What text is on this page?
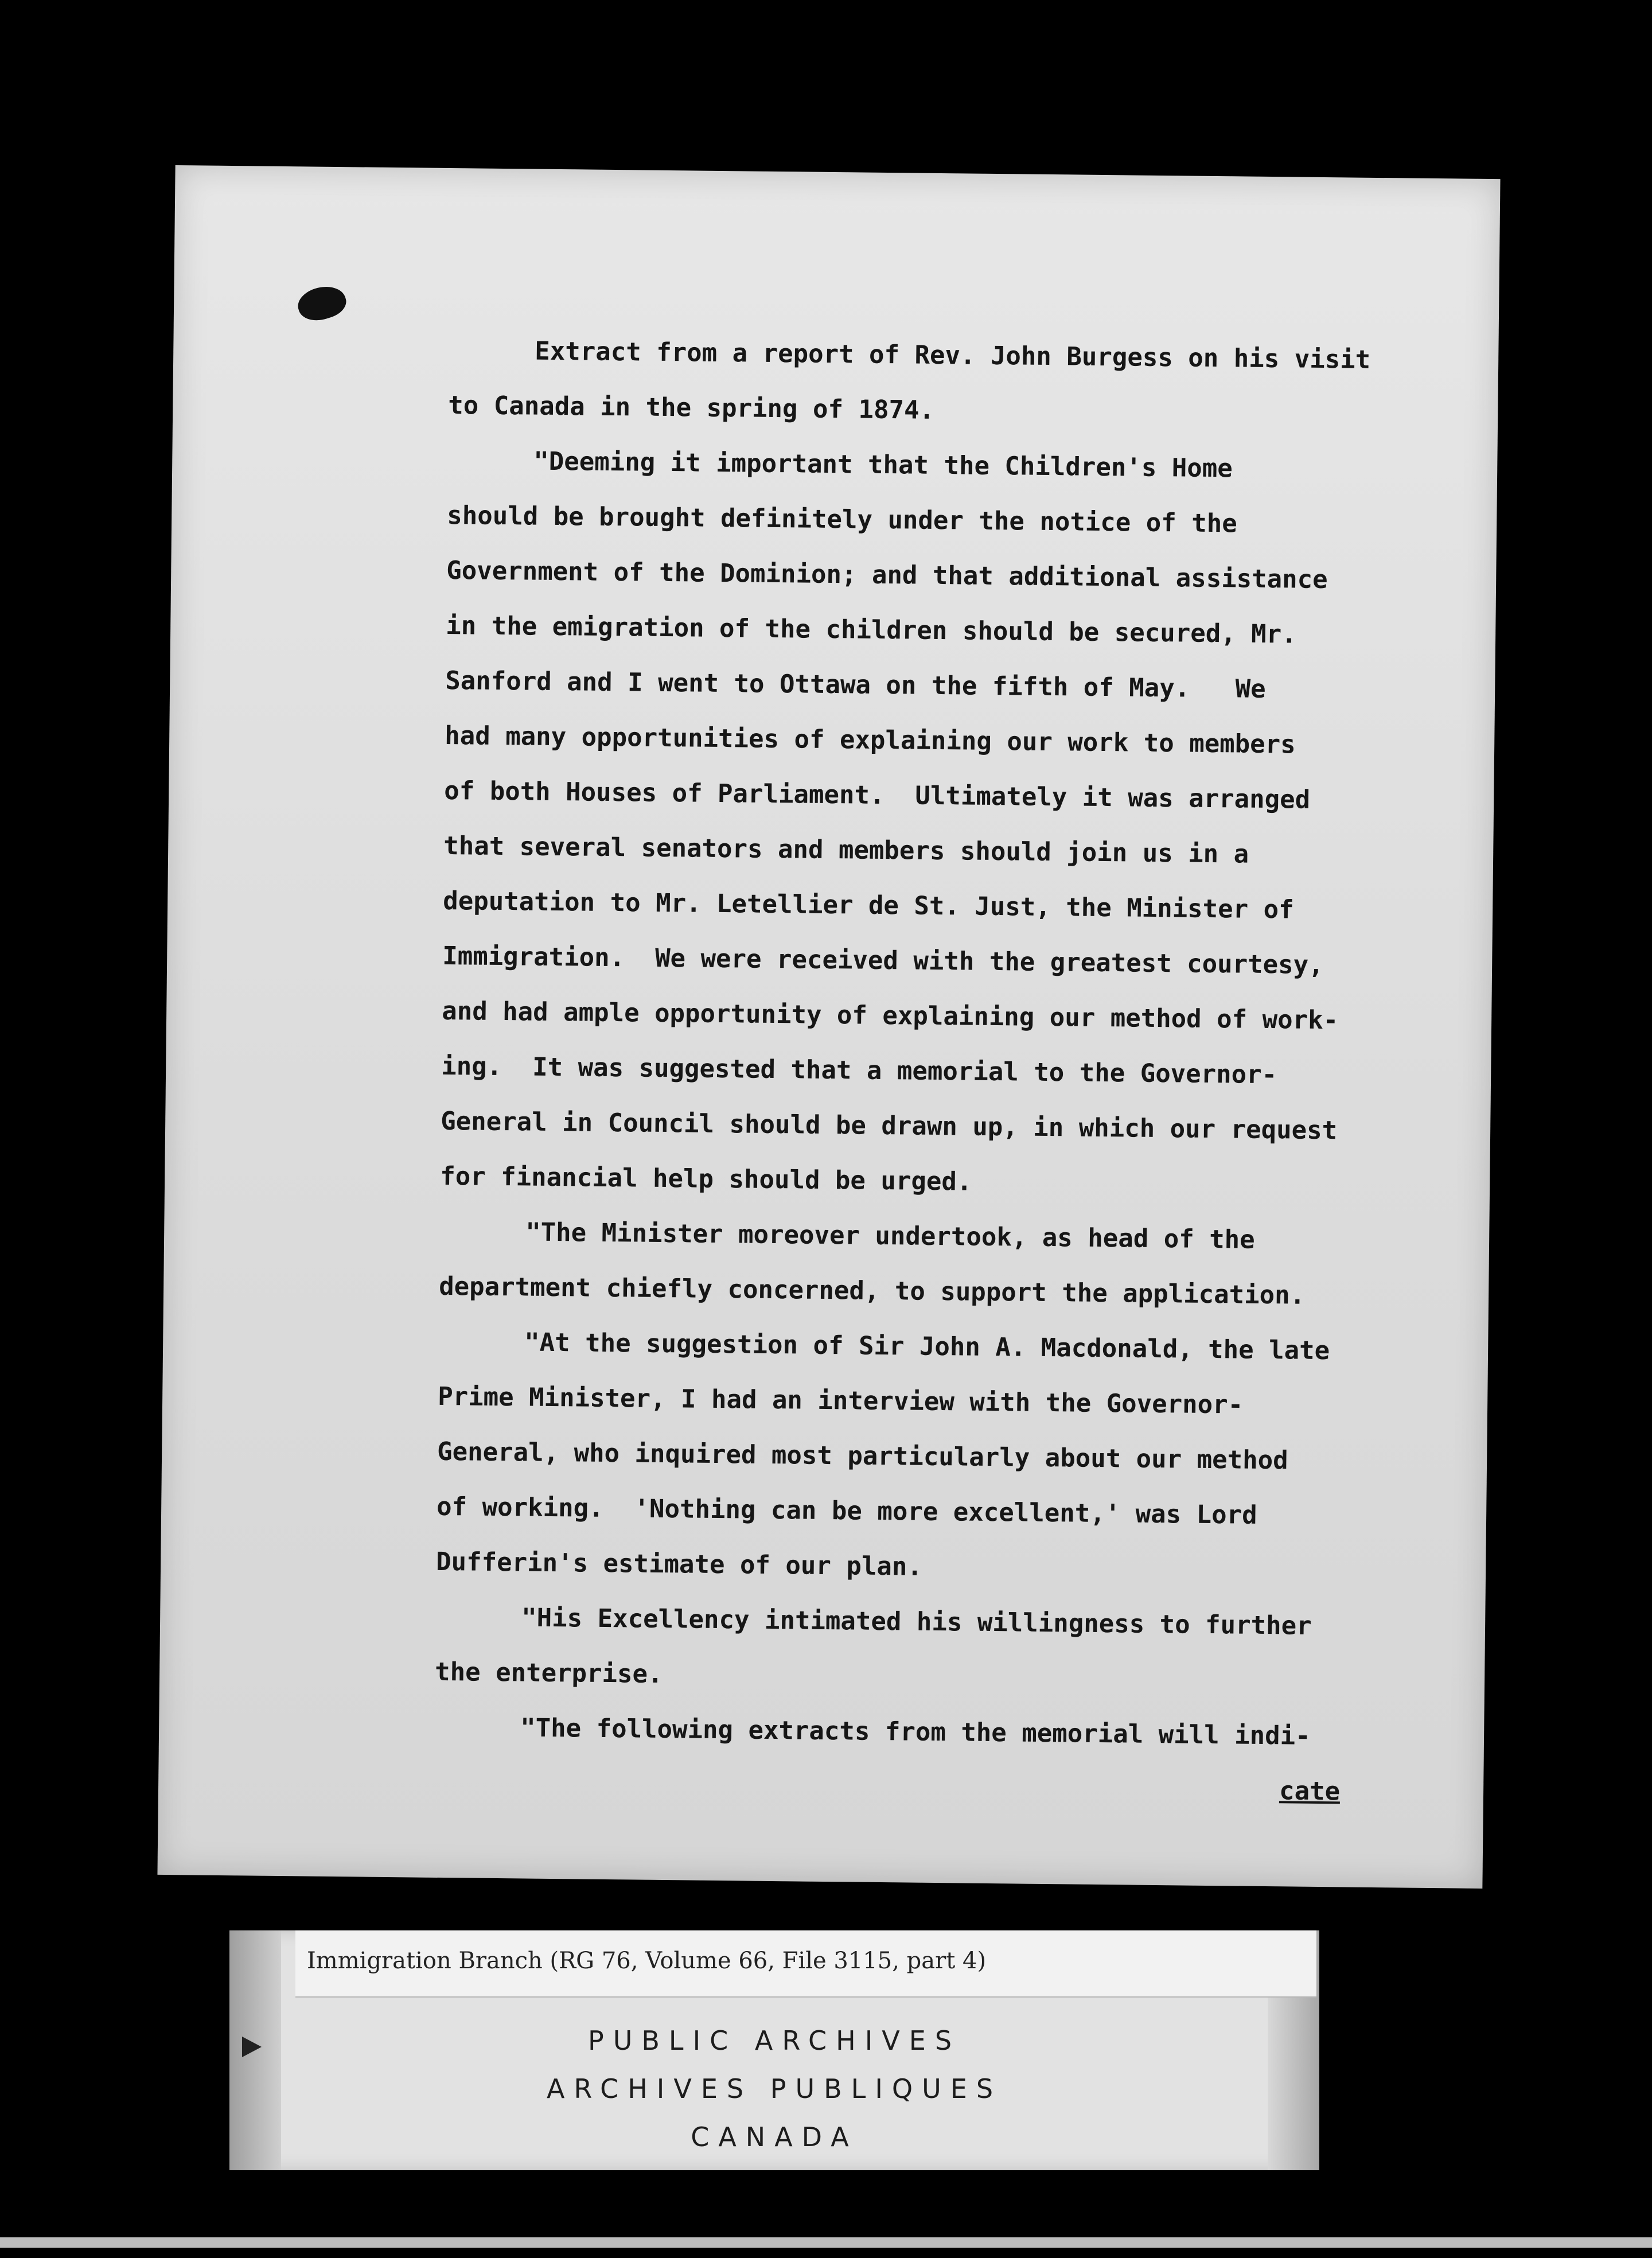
Extract from a report of Rev. John Burgess on his visit
to Canada in the spring of 1874.

"Deeming it important that the Children's Home
should be brought definitely under the notice of the
Government of the Dominion; and that additional assistance
in the emigration of the children should be secured, Mr.
Sanford and I went to Ottawa on the fifth of May.   We
had many opportunities of explaining our work to members
of both Houses of Parliament.  Ultimately it was arranged
that several senators and members should join us in a
deputation to Mr. Letellier de St. Just, the Minister of
Immigration.  We were received with the greatest courtesy,
and had ample opportunity of explaining our method of work-
ing.  It was suggested that a memorial to the Governor-
General in Council should be drawn up, in which our request
for financial help should be urged.

"The Minister moreover undertook, as head of the
department chiefly concerned, to support the application.

"At the suggestion of Sir John A. Macdonald, the late
Prime Minister, I had an interview with the Governor-
General, who inquired most particularly about our method
of working.  'Nothing can be more excellent,' was Lord
Dufferin's estimate of our plan.

"His Excellency intimated his willingness to further
the enterprise.

"The following extracts from the memorial will indi-

cate
Immigration Branch (RG 76, Volume 66, File 3115, part 4)
PUBLIC ARCHIVES
ARCHIVES PUBLIQUES
CANADA
